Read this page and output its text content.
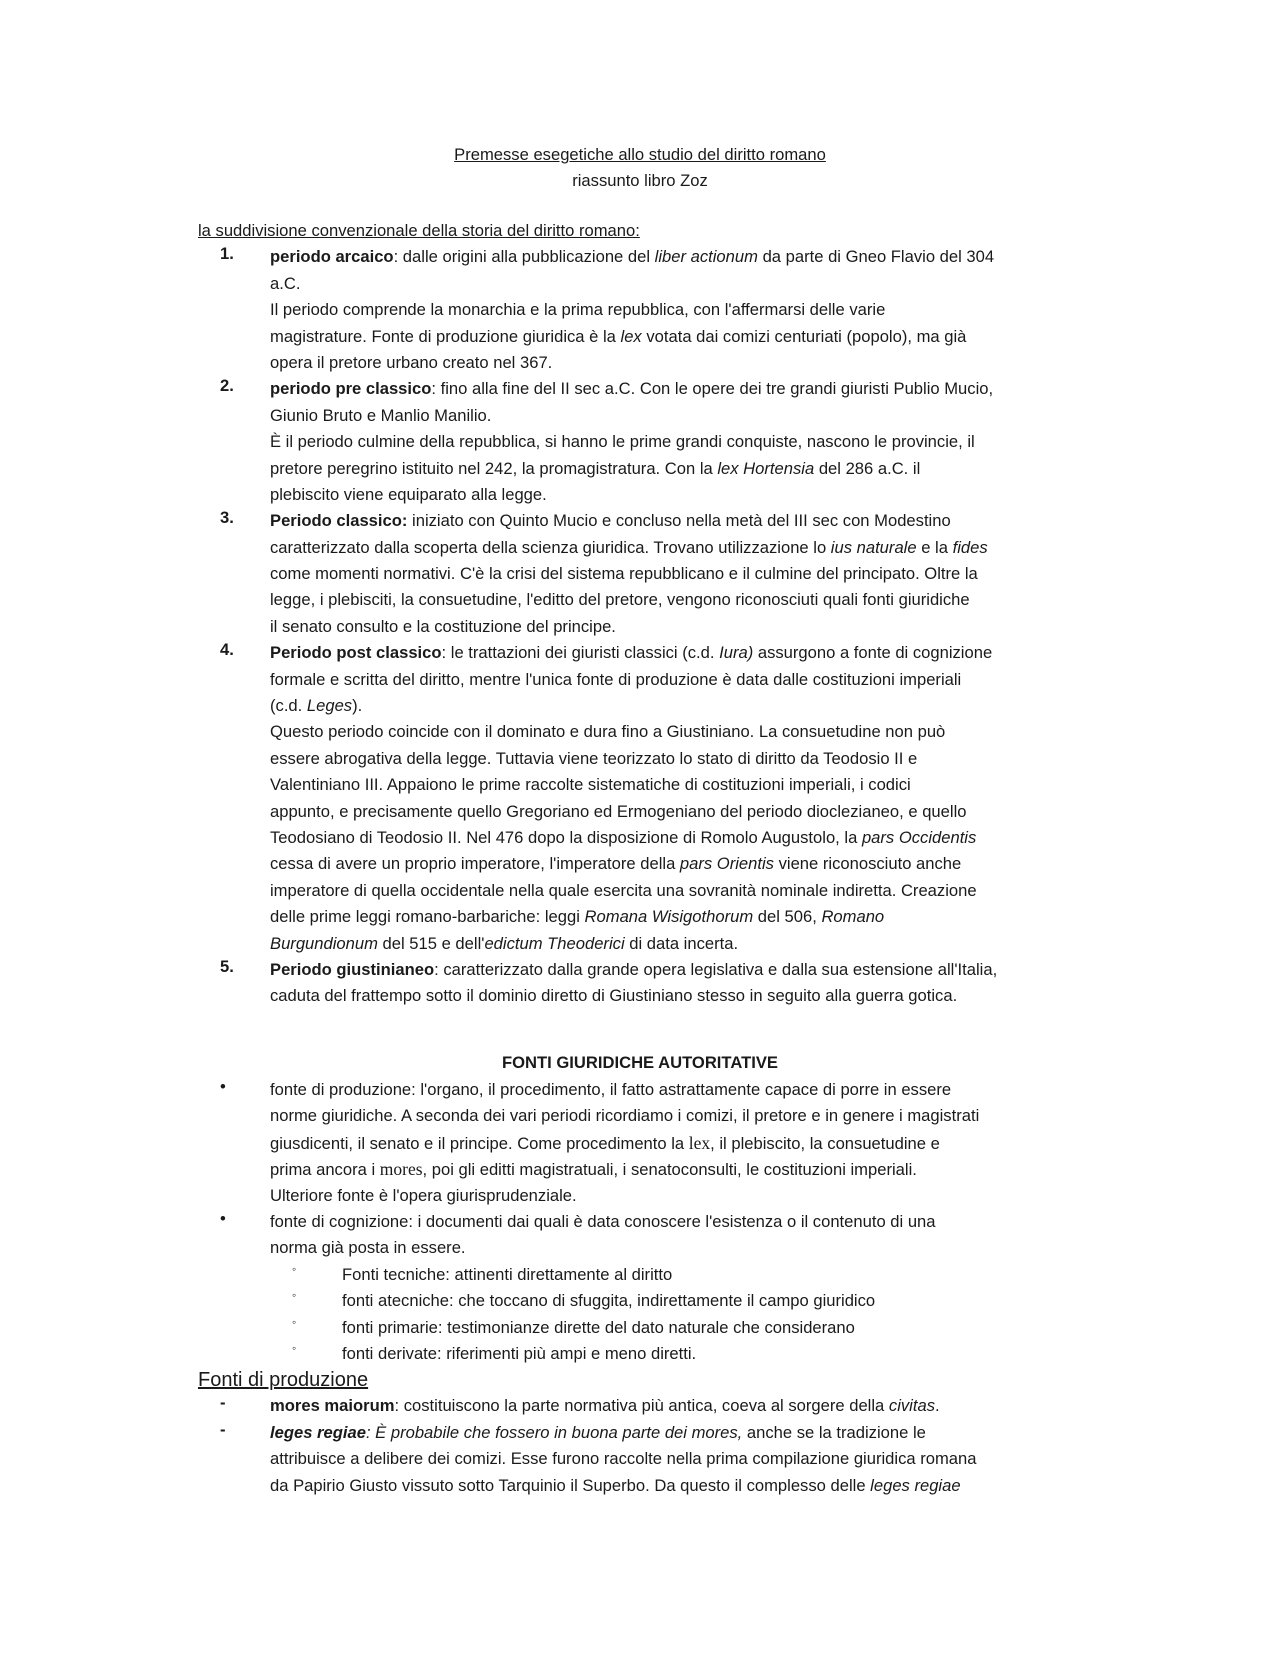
Premesse esegetiche allo studio del diritto romano
riassunto libro Zoz
la suddivisione convenzionale della storia del diritto romano:
1.	periodo arcaico: dalle origini alla pubblicazione del liber actionum da parte di Gneo Flavio del 304
a.C.
Il periodo comprende la monarchia e la prima repubblica, con l'affermarsi delle varie
magistrature. Fonte di produzione giuridica è la lex votata dai comizi centuriati (popolo), ma già
opera il pretore urbano creato nel 367.
2.	periodo pre classico: fino alla fine del II sec a.C. Con le opere dei tre grandi giuristi Publio Mucio,
Giunio Bruto e Manlio Manilio.
È il periodo culmine della repubblica, si hanno le prime grandi conquiste, nascono le provincie, il
pretore peregrino istituito nel 242, la promagistratura. Con la lex Hortensia del 286 a.C. il
plebiscito viene equiparato alla legge.
3.	Periodo classico: iniziato con Quinto Mucio e concluso nella metà del III sec con Modestino
caratterizzato dalla scoperta della scienza giuridica. Trovano utilizzazione lo ius naturale e la fides
come momenti normativi. C'è la crisi del sistema repubblicano e il culmine del principato. Oltre la
legge, i plebisciti, la consuetudine, l'editto del pretore, vengono riconosciuti quali fonti giuridiche
il senato consulto e la costituzione del principe.
4.	Periodo post classico: le trattazioni dei giuristi classici (c.d. Iura) assurgono a fonte di cognizione
formale e scritta del diritto, mentre l'unica fonte di produzione è data dalle costituzioni imperiali
(c.d. Leges).
Questo periodo coincide con il dominato e dura fino a Giustiniano. La consuetudine non può
essere abrogativa della legge. Tuttavia viene teorizzato lo stato di diritto da Teodosio II e
Valentiniano III. Appaiono le prime raccolte sistematiche di costituzioni imperiali, i codici
appunto, e precisamente quello Gregoriano ed Ermogeniano del periodo dioclezianeo, e quello
Teodosiano di Teodosio II. Nel 476 dopo la disposizione di Romolo Augustolo, la pars Occidentis
cessa di avere un proprio imperatore, l'imperatore della pars Orientis viene riconosciuto anche
imperatore di quella occidentale nella quale esercita una sovranità nominale indiretta. Creazione
delle prime leggi romano-barbariche: leggi Romana Wisigothorum del 506, Romano
Burgundionum del 515 e dell'edictum Theoderici di data incerta.
5.	Periodo giustinianeo: caratterizzato dalla grande opera legislativa e dalla sua estensione all'Italia,
caduta del frattempo sotto il dominio diretto di Giustiniano stesso in seguito alla guerra gotica.
FONTI GIURIDICHE AUTORITATIVE
•	fonte di produzione: l'organo, il procedimento, il fatto astrattamente capace di porre in essere
norme giuridiche. A seconda dei vari periodi ricordiamo i comizi, il pretore e in genere i magistrati
giusdicenti, il senato e il principe. Come procedimento la lex, il plebiscito, la consuetudine e
prima ancora i mores, poi gli editti magistratuali, i senatoconsulti, le costituzioni imperiali.
Ulteriore fonte è l'opera giurisprudenziale.
•	fonte di cognizione: i documenti dai quali è data conoscere l'esistenza o il contenuto di una
norma già posta in essere.
◦	Fonti tecniche: attinenti direttamente al diritto
◦	fonti atecniche: che toccano di sfuggita, indirettamente il campo giuridico
◦	fonti primarie: testimonianze dirette del dato naturale che considerano
◦	fonti derivate: riferimenti più ampi e meno diretti.
Fonti di produzione
-	mores maiorum: costituiscono la parte normativa più antica, coeva al sorgere della civitas.
-	leges regiae: È probabile che fossero in buona parte dei mores, anche se la tradizione le
attribuisce a delibere dei comizi. Esse furono raccolte nella prima compilazione giuridica romana
da Papirio Giusto vissuto sotto Tarquinio il Superbo. Da questo il complesso delle leges regiae
